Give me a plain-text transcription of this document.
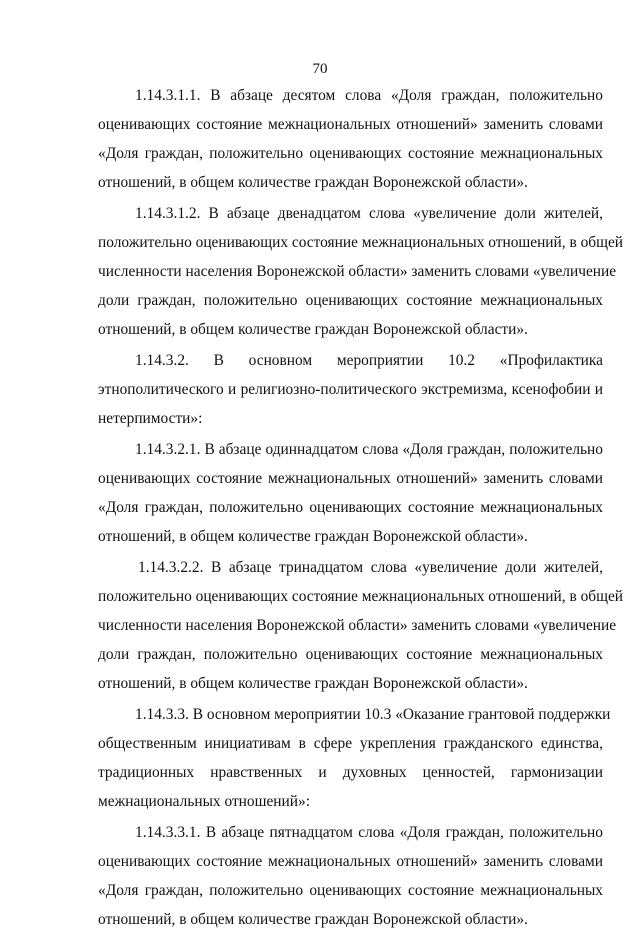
70

1.14.3.1.1. В абзаце десятом слова «Доля граждан, положительно
оценивающих состояние межнациональных отношений» заменить словами
«Доля граждан, положительно оценивающих состояние межнациональных
отношений, в общем количестве граждан Воронежской области».

1.14.3.1.2. В абзаце двенадцатом слова «увеличение доли жителей,
положительно оценивающих состояние межнациональных отношений, в общей
численности населения Воронежской области» заменить словами «увеличение
доли граждан, положительно оценивающих состояние межнациональных
отношений, в общем количестве граждан Воронежской области».

1.14.3.2. В основном мероприятии 10.2 «Профилактика
этнополитического и религиозно-политического экстремизма, ксенофобии и
нетерпимости»:

1.14.3.2.1. В абзаце одиннадцатом слова «Доля граждан, положительно
оценивающих состояние межнациональных отношений» заменить словами
«Доля граждан, положительно оценивающих состояние межнациональных
отношений, в общем количестве граждан Воронежской области».

1.14.3.2.2. В абзаце тринадцатом слова «увеличение доли жителей,
положительно оценивающих состояние межнациональных отношений, в общей
численности населения Воронежской области» заменить словами «увеличение
доли граждан, положительно оценивающих состояние межнациональных
отношений, в общем количестве граждан Воронежской области».

1.14.3.3. В основном мероприятии 10.3 «Оказание грантовой поддержки
общественным инициативам в сфере укрепления гражданского единства,
традиционных нравственных и духовных ценностей, гармонизации
межнациональных отношений»:

1.14.3.3.1. В абзаце пятнадцатом слова «Доля граждан, положительно
оценивающих состояние межнациональных отношений» заменить словами
«Доля граждан, положительно оценивающих состояние межнациональных
отношений, в общем количестве граждан Воронежской области».
